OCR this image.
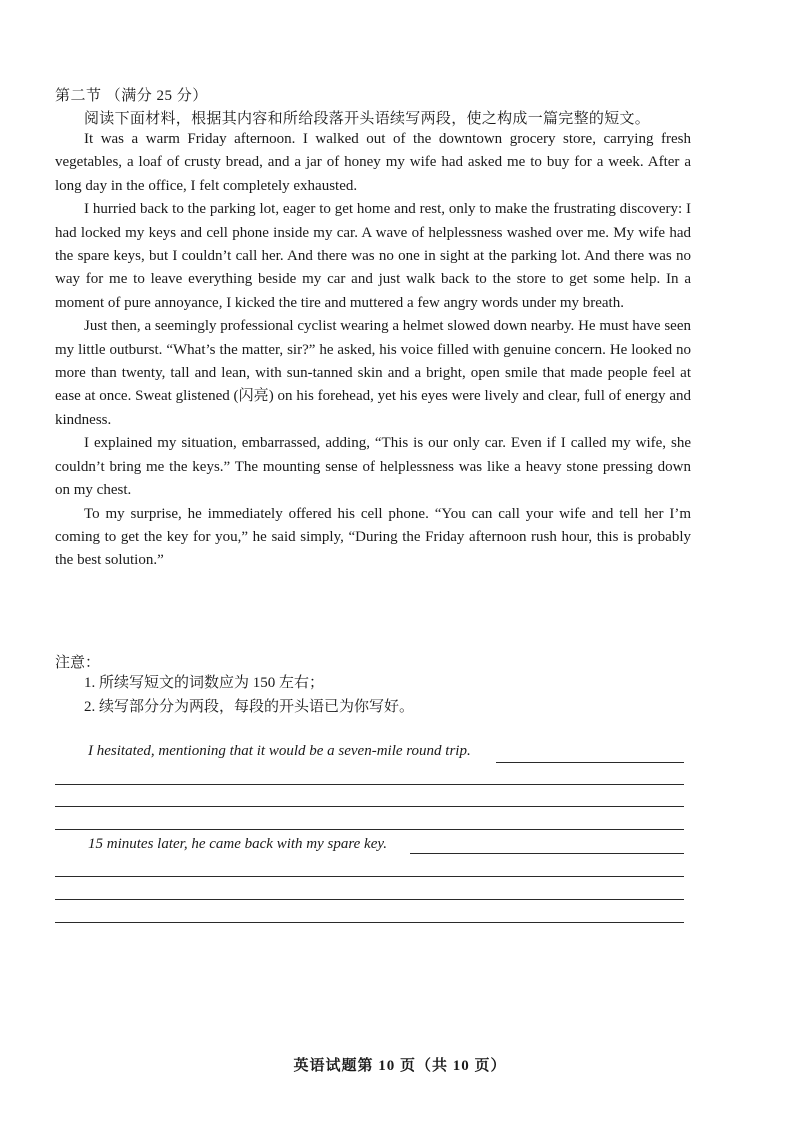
第二节 （满分 25 分）
阅读下面材料，根据其内容和所给段落开头语续写两段，使之构成一篇完整的短文。

It was a warm Friday afternoon. I walked out of the downtown grocery store, carrying fresh vegetables, a loaf of crusty bread, and a jar of honey my wife had asked me to buy for a week. After a long day in the office, I felt completely exhausted.

I hurried back to the parking lot, eager to get home and rest, only to make the frustrating discovery: I had locked my keys and cell phone inside my car. A wave of helplessness washed over me. My wife had the spare keys, but I couldn’t call her. And there was no one in sight at the parking lot. And there was no way for me to leave everything beside my car and just walk back to the store to get some help. In a moment of pure annoyance, I kicked the tire and muttered a few angry words under my breath.

Just then, a seemingly professional cyclist wearing a helmet slowed down nearby. He must have seen my little outburst. “What’s the matter, sir?” he asked, his voice filled with genuine concern. He looked no more than twenty, tall and lean, with sun-tanned skin and a bright, open smile that made people feel at ease at once. Sweat glistened (闪亮) on his forehead, yet his eyes were lively and clear, full of energy and kindness.

I explained my situation, embarrassed, adding, “This is our only car. Even if I called my wife, she couldn’t bring me the keys.” The mounting sense of helplessness was like a heavy stone pressing down on my chest.

To my surprise, he immediately offered his cell phone. “You can call your wife and tell her I’m coming to get the key for you,” he said simply, “During the Friday afternoon rush hour, this is probably the best solution.”

注意：
1. 所续写短文的词数应为 150 左右；
2. 续写部分分为两段，每段的开头语已为你写好。
I hesitated, mentioning that it would be a seven-mile round trip.
15 minutes later, he came back with my spare key.
英语试题第 10 页（共 10 页）
